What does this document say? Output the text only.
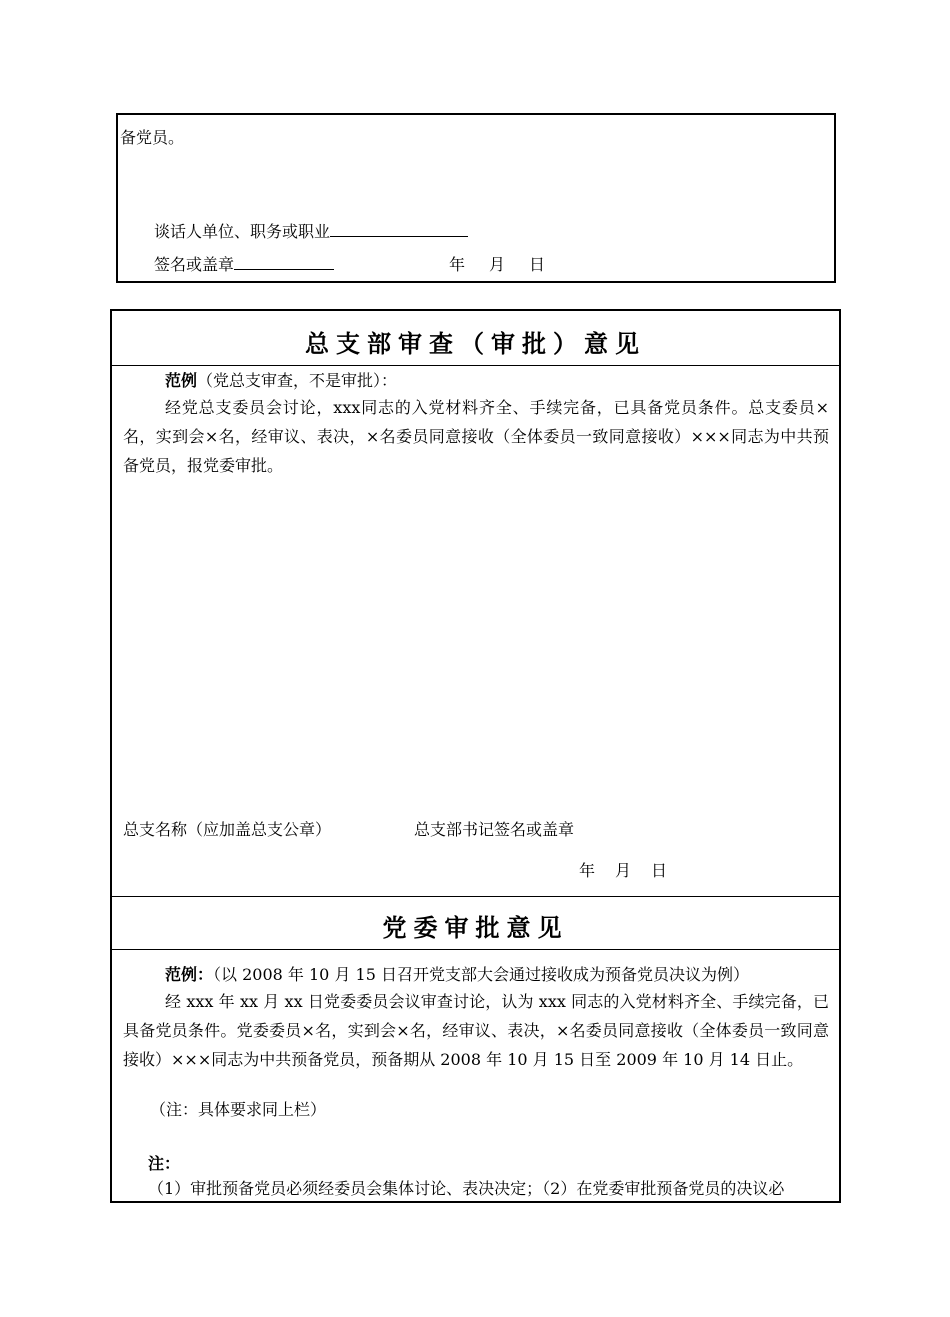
备党员。
谈话人单位、职务或职业
签名或盖章	年 月 日
总支部审查（审批）意见
范例（党总支审查，不是审批）：
经党总支委员会讨论，xxx同志的入党材料齐全、手续完备，已具备党员条件。总支委员×名，实到会×名，经审议、表决，×名委员同意接收（全体委员一致同意接收）×××同志为中共预备党员，报党委审批。
总支名称（应加盖总支公章）	总支部书记签名或盖章
年 月 日
党委审批意见
范例：（以 2008 年 10 月 15 日召开党支部大会通过接收成为预备党员决议为例）
经 xxx 年 xx 月 xx 日党委委员会议审查讨论，认为 xxx 同志的入党材料齐全、手续完备，已具备党员条件。党委委员×名，实到会×名，经审议、表决，×名委员同意接收（全体委员一致同意接收）×××同志为中共预备党员，预备期从 2008 年 10 月 15 日至 2009 年 10 月 14 日止。
（注：具体要求同上栏）
注：
（1）审批预备党员必须经委员会集体讨论、表决决定；（2）在党委审批预备党员的决议必
